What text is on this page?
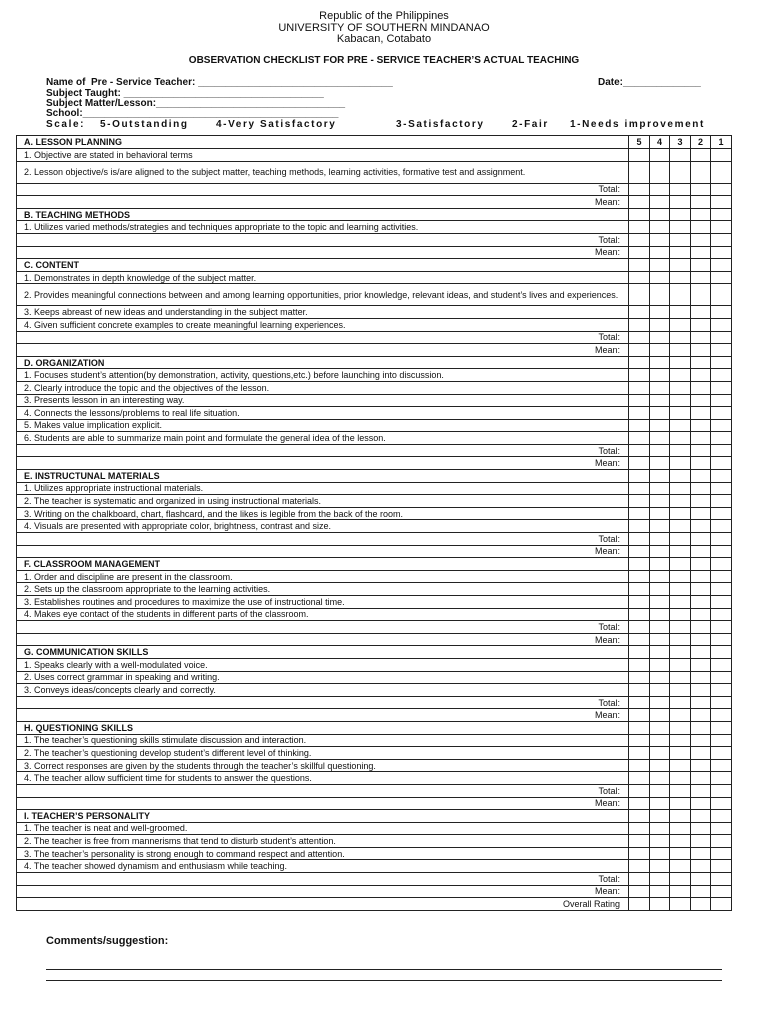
Republic of the Philippines
UNIVERSITY OF SOUTHERN MINDANAO
Kabacan, Cotabato
OBSERVATION CHECKLIST FOR PRE - SERVICE TEACHER’S ACTUAL TEACHING
Name of  Pre - Service Teacher: ___________________________________	Date:______________
Subject Taught: ____________________________________
Subject Matter/Lesson:__________________________________
School:______________________________________________

Scale:

5-Outstanding

	4-Very Satisfactory

	3-Satisfactory

	2-Fair

1-Needs improvement

A. LESSON PLANNING	5	4	3	2	1
1. Objective are stated in behavioral terms					
2. Lesson objective/s is/are aligned to the subject matter, teaching methods, learning activities, formative test and assignment.					
Total:					
Mean:					
B. TEACHING METHODS					
1. Utilizes varied methods/strategies and techniques appropriate to the topic and learning activities.					
Total:					
Mean:					
C. CONTENT					
1. Demonstrates in depth knowledge of the subject matter.					
2. Provides meaningful connections between and among learning opportunities, prior knowledge, relevant ideas, and student’s lives and experiences.					
3. Keeps abreast of new ideas and understanding in the subject matter.					
4. Given sufficient concrete examples to create meaningful learning experiences.					
Total:					
Mean:					
D. ORGANIZATION					
1. Focuses student’s attention(by demonstration, activity, questions,etc.) before launching into discussion.					
2. Clearly introduce the topic and the objectives of the lesson.					
3. Presents lesson in an interesting way.					
4. Connects the lessons/problems to real life situation.					
5. Makes value implication explicit.					
6. Students are able to summarize main point and formulate the general idea of the lesson.					
Total:					
Mean:					
E. INSTRUCTUNAL MATERIALS					
1. Utilizes appropriate instructional materials.					
2. The teacher is systematic and organized in using instructional materials.					
3. Writing on the chalkboard, chart, flashcard, and the likes is legible from the back of the room.					
4. Visuals are presented with appropriate color, brightness, contrast and size.					
Total:					
Mean:					
F. CLASSROOM MANAGEMENT					
1. Order and discipline are present in the classroom.					
2. Sets up the classroom appropriate to the learning activities.					
3. Establishes routines and procedures to maximize the use of instructional time.					
4. Makes eye contact of the students in different parts of the classroom.					
Total:					
Mean:					
G. COMMUNICATION SKILLS					
1. Speaks clearly with a well-modulated voice.					
2. Uses correct grammar in speaking and writing.					
3. Conveys ideas/concepts clearly and correctly.					
Total:					
Mean:					
H. QUESTIONING SKILLS					
1. The teacher’s questioning skills stimulate discussion and interaction.					
2. The teacher’s questioning develop student’s different level of thinking.					
3. Correct responses are given by the students through the teacher’s skillful questioning.					
4. The teacher allow sufficient time for students to answer the questions.					
Total:					
Mean:					
I. TEACHER’S PERSONALITY					
1. The teacher is neat and well-groomed.					
2. The teacher is free from mannerisms that tend to disturb student’s attention.					
3. The teacher’s personality is strong enough to command respect and attention.					
4. The teacher showed dynamism and enthusiasm while teaching.					
Total:					
Mean:					
Overall Rating					
Comments/suggestion:
